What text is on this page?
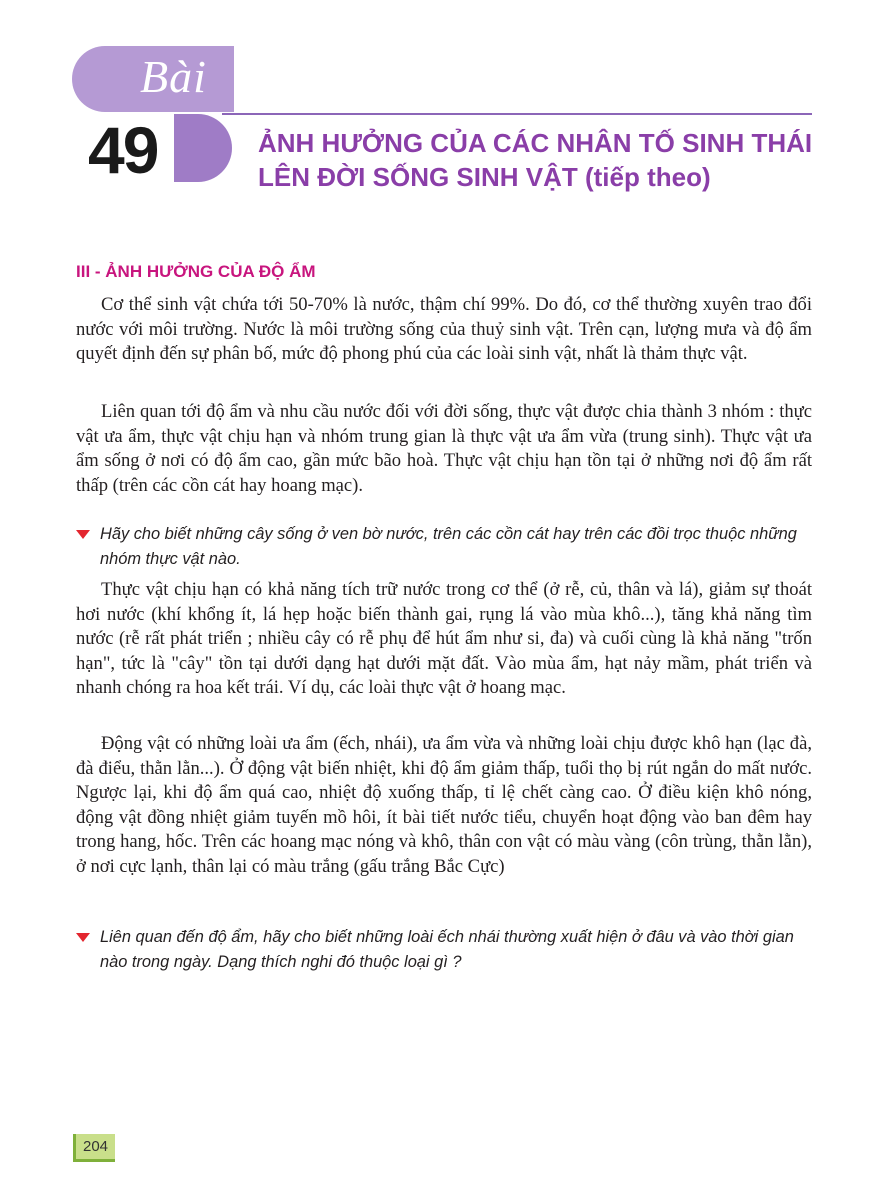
Bài
49	ẢNH HƯỞNG CỦA CÁC NHÂN TỐ SINH THÁI
LÊN ĐỜI SỐNG SINH VẬT (tiếp theo)
III - ẢNH HƯỞNG CỦA ĐỘ ẨM

Cơ thể sinh vật chứa tới 50-70% là nước, thậm chí 99%. Do đó, cơ thể thường xuyên trao đổi nước với môi trường. Nước là môi trường sống của thuỷ sinh vật. Trên cạn, lượng mưa và độ ẩm quyết định đến sự phân bố, mức độ phong phú của các loài sinh vật, nhất là thảm thực vật.

Liên quan tới độ ẩm và nhu cầu nước đối với đời sống, thực vật được chia thành 3 nhóm : thực vật ưa ẩm, thực vật chịu hạn và nhóm trung gian là thực vật ưa ẩm vừa (trung sinh). Thực vật ưa ẩm sống ở nơi có độ ẩm cao, gần mức bão hoà. Thực vật chịu hạn tồn tại ở những nơi độ ẩm rất thấp (trên các cồn cát hay hoang mạc).

Hãy cho biết những cây sống ở ven bờ nước, trên các cồn cát hay trên các đồi trọc thuộc những nhóm thực vật nào.

Thực vật chịu hạn có khả năng tích trữ nước trong cơ thể (ở rễ, củ, thân và lá), giảm sự thoát hơi nước (khí khổng ít, lá hẹp hoặc biến thành gai, rụng lá vào mùa khô...), tăng khả năng tìm nước (rễ rất phát triển ; nhiều cây có rễ phụ để hút ẩm như si, đa) và cuối cùng là khả năng "trốn hạn", tức là "cây" tồn tại dưới dạng hạt dưới mặt đất. Vào mùa ẩm, hạt nảy mầm, phát triển và nhanh chóng ra hoa kết trái. Ví dụ, các loài thực vật ở hoang mạc.

Động vật có những loài ưa ẩm (ếch, nhái), ưa ẩm vừa và những loài chịu được khô hạn (lạc đà, đà điểu, thằn lằn...). Ở động vật biến nhiệt, khi độ ẩm giảm thấp, tuổi thọ bị rút ngắn do mất nước. Ngược lại, khi độ ẩm quá cao, nhiệt độ xuống thấp, tỉ lệ chết càng cao. Ở điều kiện khô nóng, động vật đồng nhiệt giảm tuyến mồ hôi, ít bài tiết nước tiểu, chuyển hoạt động vào ban đêm hay trong hang, hốc. Trên các hoang mạc nóng và khô, thân con vật có màu vàng (côn trùng, thằn lằn), ở nơi cực lạnh, thân lại có màu trắng (gấu trắng Bắc Cực)

Liên quan đến độ ẩm, hãy cho biết những loài ếch nhái thường xuất hiện ở đâu và vào thời gian nào trong ngày. Dạng thích nghi đó thuộc loại gì ?
204
